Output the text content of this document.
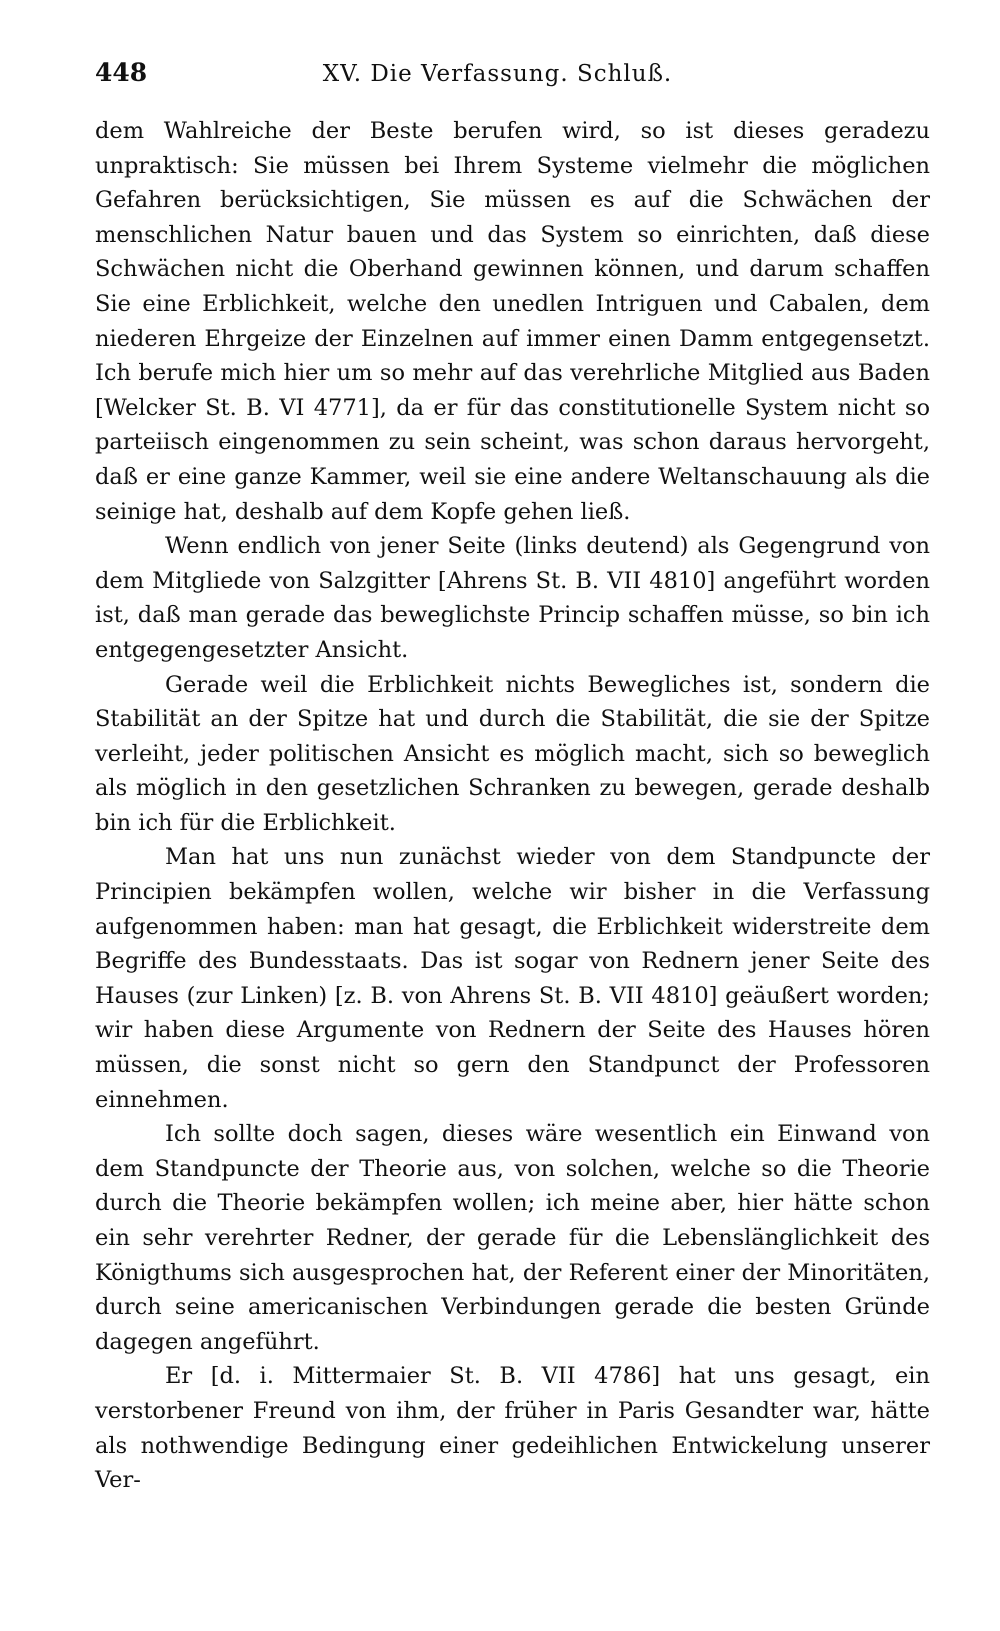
448	XV. Die Verfassung. Schluß.

dem Wahlreiche der Beste berufen wird, so ist dieses geradezu unpraktisch: Sie müssen bei Ihrem Systeme vielmehr die möglichen Gefahren berücksichtigen, Sie müssen es auf die Schwächen der menschlichen Natur bauen und das System so einrichten, daß diese Schwächen nicht die Oberhand gewinnen können, und darum schaffen Sie eine Erblichkeit, welche den unedlen Intriguen und Cabalen, dem niederen Ehrgeize der Einzelnen auf immer einen Damm entgegensetzt. Ich berufe mich hier um so mehr auf das verehrliche Mitglied aus Baden [Welcker St. B. VI 4771], da er für das constitutionelle System nicht so parteiisch eingenommen zu sein scheint, was schon daraus hervorgeht, daß er eine ganze Kammer, weil sie eine andere Weltanschauung als die seinige hat, deshalb auf dem Kopfe gehen ließ.

Wenn endlich von jener Seite (links deutend) als Gegengrund von dem Mitgliede von Salzgitter [Ahrens St. B. VII 4810] angeführt worden ist, daß man gerade das beweglichste Princip schaffen müsse, so bin ich entgegengesetzter Ansicht.

Gerade weil die Erblichkeit nichts Bewegliches ist, sondern die Stabilität an der Spitze hat und durch die Stabilität, die sie der Spitze verleiht, jeder politischen Ansicht es möglich macht, sich so beweglich als möglich in den gesetzlichen Schranken zu bewegen, gerade deshalb bin ich für die Erblichkeit.

Man hat uns nun zunächst wieder von dem Standpuncte der Principien bekämpfen wollen, welche wir bisher in die Verfassung aufgenommen haben: man hat gesagt, die Erblichkeit widerstreite dem Begriffe des Bundesstaats. Das ist sogar von Rednern jener Seite des Hauses (zur Linken) [z. B. von Ahrens St. B. VII 4810] geäußert worden; wir haben diese Argumente von Rednern der Seite des Hauses hören müssen, die sonst nicht so gern den Standpunct der Professoren einnehmen.

Ich sollte doch sagen, dieses wäre wesentlich ein Einwand von dem Standpuncte der Theorie aus, von solchen, welche so die Theorie durch die Theorie bekämpfen wollen; ich meine aber, hier hätte schon ein sehr verehrter Redner, der gerade für die Lebenslänglichkeit des Königthums sich ausgesprochen hat, der Referent einer der Minoritäten, durch seine americanischen Verbindungen gerade die besten Gründe dagegen angeführt.

Er [d. i. Mittermaier St. B. VII 4786] hat uns gesagt, ein verstorbener Freund von ihm, der früher in Paris Gesandter war, hätte als nothwendige Bedingung einer gedeihlichen Entwickelung unserer Ver-
